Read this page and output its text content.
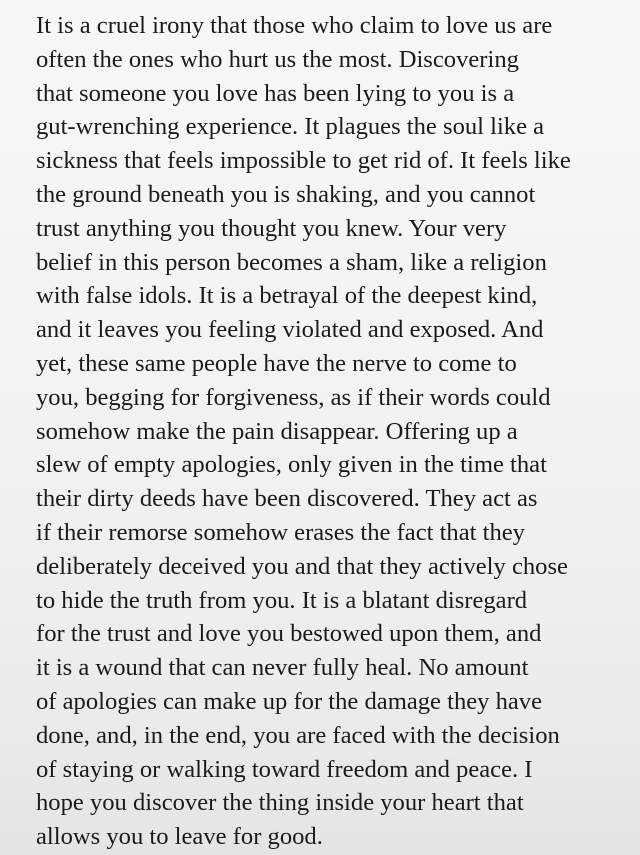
It is a cruel irony that those who claim to love us are
often the ones who hurt us the most. Discovering
that someone you love has been lying to you is a
gut-wrenching experience. It plagues the soul like a
sickness that feels impossible to get rid of. It feels like
the ground beneath you is shaking, and you cannot
trust anything you thought you knew. Your very
belief in this person becomes a sham, like a religion
with false idols. It is a betrayal of the deepest kind,
and it leaves you feeling violated and exposed. And
yet, these same people have the nerve to come to
you, begging for forgiveness, as if their words could
somehow make the pain disappear. Offering up a
slew of empty apologies, only given in the time that
their dirty deeds have been discovered. They act as
if their remorse somehow erases the fact that they
deliberately deceived you and that they actively chose
to hide the truth from you. It is a blatant disregard
for the trust and love you bestowed upon them, and
it is a wound that can never fully heal. No amount
of apologies can make up for the damage they have
done, and, in the end, you are faced with the decision
of staying or walking toward freedom and peace. I
hope you discover the thing inside your heart that
allows you to leave for good.
